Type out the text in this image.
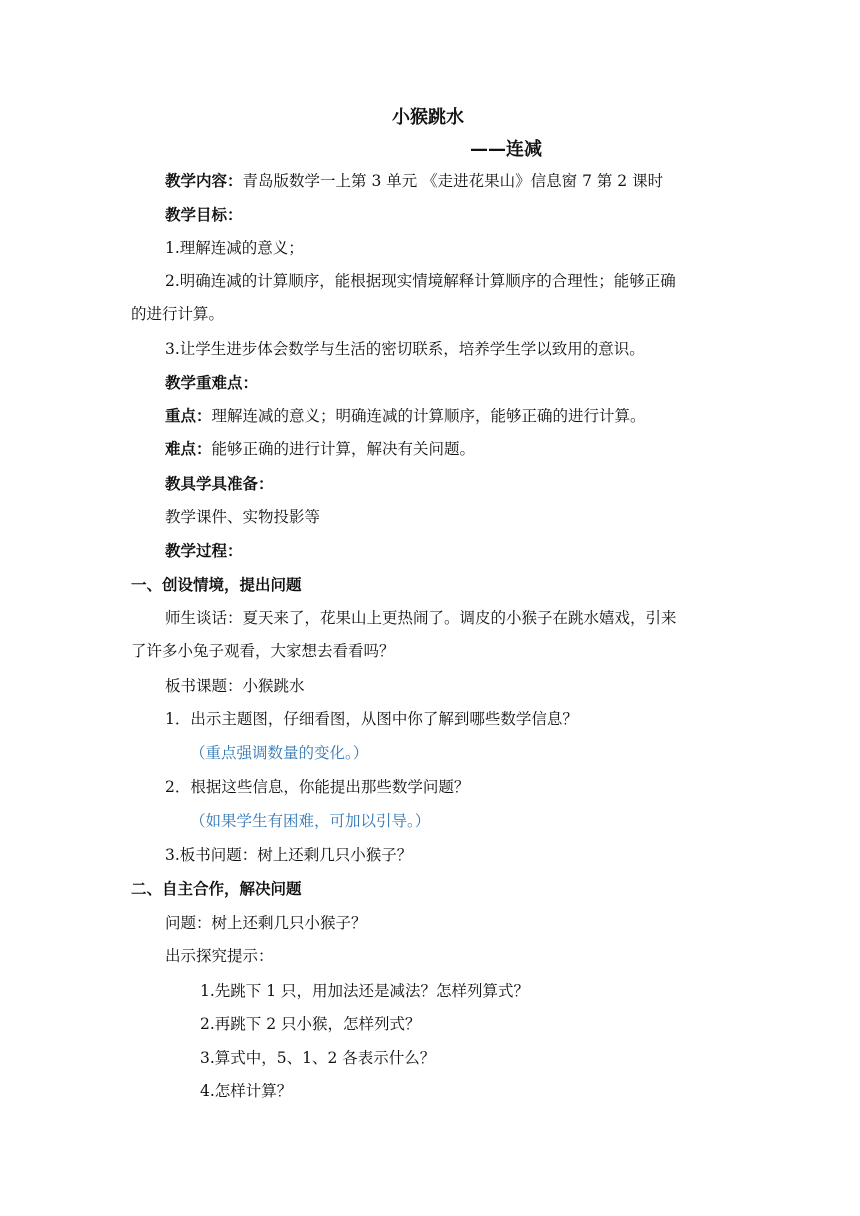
小猴跳水
——连减
教学内容：青岛版数学一上第 3 单元 《走进花果山》信息窗 7 第 2 课时
教学目标：
1.理解连减的意义；
2.明确连减的计算顺序，能根据现实情境解释计算顺序的合理性；能够正确
的进行计算。
3.让学生进步体会数学与生活的密切联系，培养学生学以致用的意识。
教学重难点：
重点：理解连减的意义；明确连减的计算顺序，能够正确的进行计算。
难点：能够正确的进行计算，解决有关问题。
教具学具准备：
教学课件、实物投影等
教学过程：
一、创设情境，提出问题
师生谈话：夏天来了，花果山上更热闹了。调皮的小猴子在跳水嬉戏，引来
了许多小兔子观看，大家想去看看吗？
板书课题：小猴跳水
1．出示主题图，仔细看图，从图中你了解到哪些数学信息？
（重点强调数量的变化。）
2．根据这些信息，你能提出那些数学问题？
（如果学生有困难，可加以引导。）
3.板书问题：树上还剩几只小猴子？
二、自主合作，解决问题
问题：树上还剩几只小猴子？
出示探究提示：
1.先跳下 1 只，用加法还是减法？怎样列算式？
2.再跳下 2 只小猴，怎样列式？
3.算式中，5、1、2 各表示什么？
4.怎样计算？
